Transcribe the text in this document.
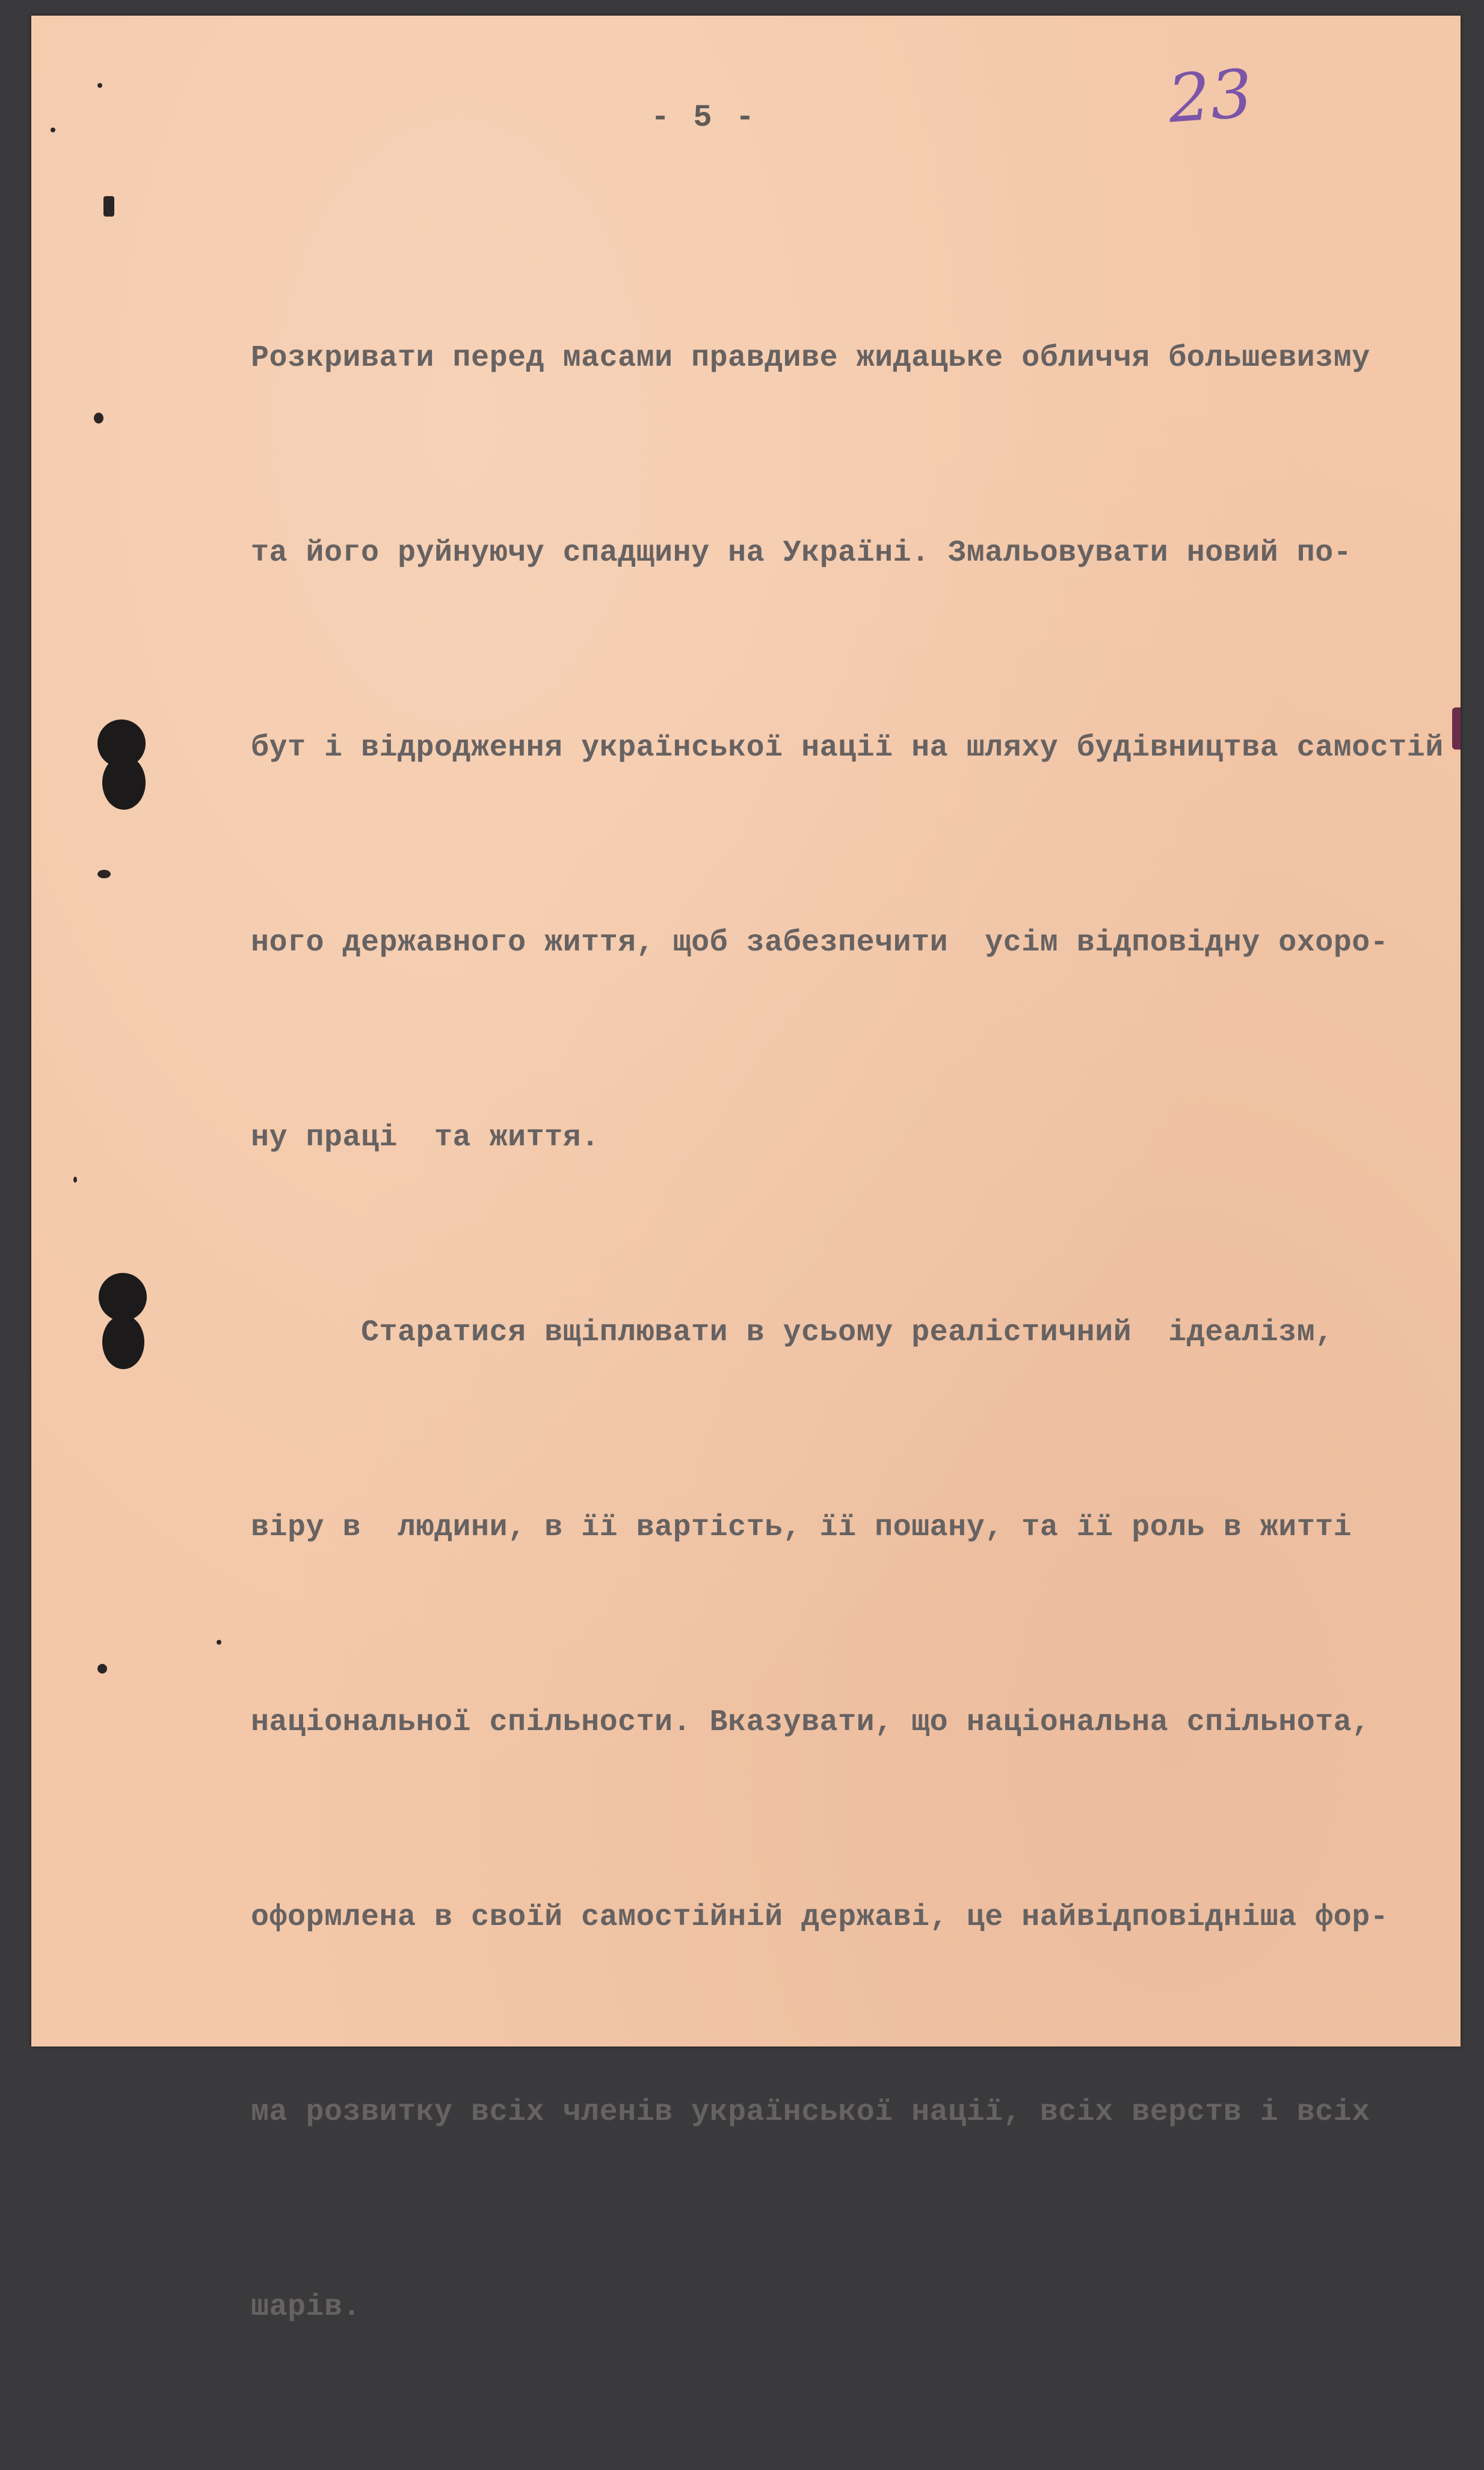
- 5 -	23

Розкривати перед масами правдиве жидацьке обличчя большевизму

та його руйнуючу спадщину на Україні. Змальовувати новий по-

бут і відродження української нації на шляху будівництва самостій

ного державного життя, щоб забезпечити  усім відповідну охоро-

ну праці  та життя.

Старатися вщіплювати в усьому реалістичний  ідеалізм,

віру в  людини, в її вартість, її пошану, та її роль в житті

національної спільности. Вказувати, що національна спільнота,

оформлена в своїй самостійній державі, це найвідповідніша фор-

ма розвитку всіх членів української нації, всіх верств і всіх

шарів.
